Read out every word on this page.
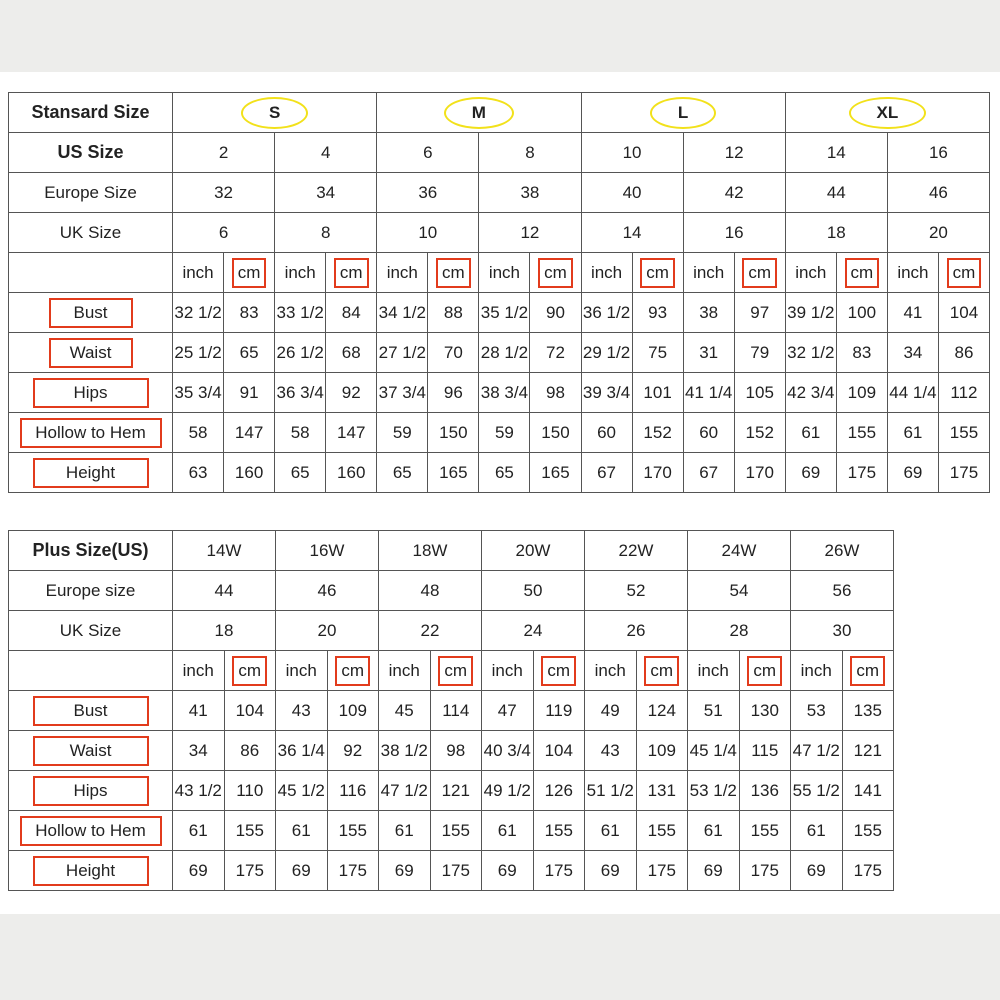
Stansard Size	S				M				L				XL			
US Size	2		4		6		8		10		12		14		16	
Europe Size	32		34		36		38		40		42		44		46	
UK Size	6		8		10		12		14		16		18		20	
	inch	cm	inch	cm	inch	cm	inch	cm	inch	cm	inch	cm	inch	cm	inch	cm
Bust	32 1/2	83	33 1/2	84	34 1/2	88	35 1/2	90	36 1/2	93	38	97	39 1/2	100	41	104
Waist	25 1/2	65	26 1/2	68	27 1/2	70	28 1/2	72	29 1/2	75	31	79	32 1/2	83	34	86
Hips	35 3/4	91	36 3/4	92	37 3/4	96	38 3/4	98	39 3/4	101	41 1/4	105	42 3/4	109	44 1/4	112
Hollow to Hem	58	147	58	147	59	150	59	150	60	152	60	152	61	155	61	155
Height	63	160	65	160	65	165	65	165	67	170	67	170	69	175	69	175
Plus Size(US)	14W		16W		18W		20W		22W		24W		26W	
Europe size	44		46		48		50		52		54		56	
UK Size	18		20		22		24		26		28		30	
	inch	cm	inch	cm	inch	cm	inch	cm	inch	cm	inch	cm	inch	cm
Bust	41	104	43	109	45	114	47	119	49	124	51	130	53	135
Waist	34	86	36 1/4	92	38 1/2	98	40 3/4	104	43	109	45 1/4	115	47 1/2	121
Hips	43 1/2	110	45 1/2	116	47 1/2	121	49 1/2	126	51 1/2	131	53 1/2	136	55 1/2	141
Hollow to Hem	61	155	61	155	61	155	61	155	61	155	61	155	61	155
Height	69	175	69	175	69	175	69	175	69	175	69	175	69	175
